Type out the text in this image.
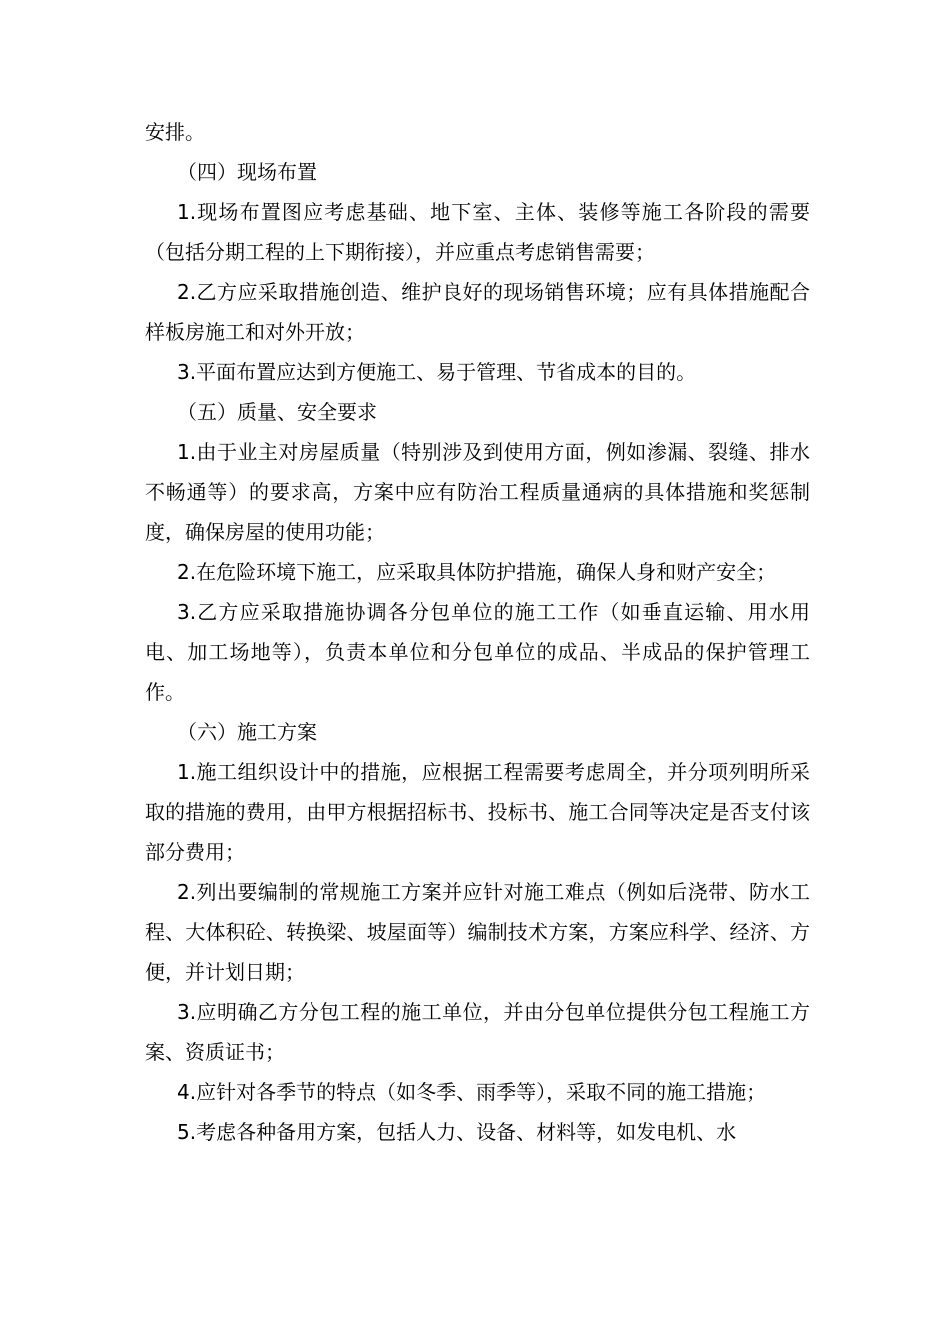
安排。

（四）现场布置

1.现场布置图应考虑基础、地下室、主体、装修等施工各阶段的需要（包括分期工程的上下期衔接），并应重点考虑销售需要；

2.乙方应采取措施创造、维护良好的现场销售环境；应有具体措施配合样板房施工和对外开放；

3.平面布置应达到方便施工、易于管理、节省成本的目的。

（五）质量、安全要求

1.由于业主对房屋质量（特别涉及到使用方面，例如渗漏、裂缝、排水不畅通等）的要求高，方案中应有防治工程质量通病的具体措施和奖惩制度，确保房屋的使用功能；

2.在危险环境下施工，应采取具体防护措施，确保人身和财产安全；

3.乙方应采取措施协调各分包单位的施工工作（如垂直运输、用水用电、加工场地等），负责本单位和分包单位的成品、半成品的保护管理工作。

（六）施工方案

1.施工组织设计中的措施，应根据工程需要考虑周全，并分项列明所采取的措施的费用，由甲方根据招标书、投标书、施工合同等决定是否支付该部分费用；

2.列出要编制的常规施工方案并应针对施工难点（例如后浇带、防水工程、大体积砼、转换梁、坡屋面等）编制技术方案，方案应科学、经济、方便，并计划日期；

3.应明确乙方分包工程的施工单位，并由分包单位提供分包工程施工方案、资质证书；

4.应针对各季节的特点（如冬季、雨季等），采取不同的施工措施；

5.考虑各种备用方案，包括人力、设备、材料等，如发电机、水
